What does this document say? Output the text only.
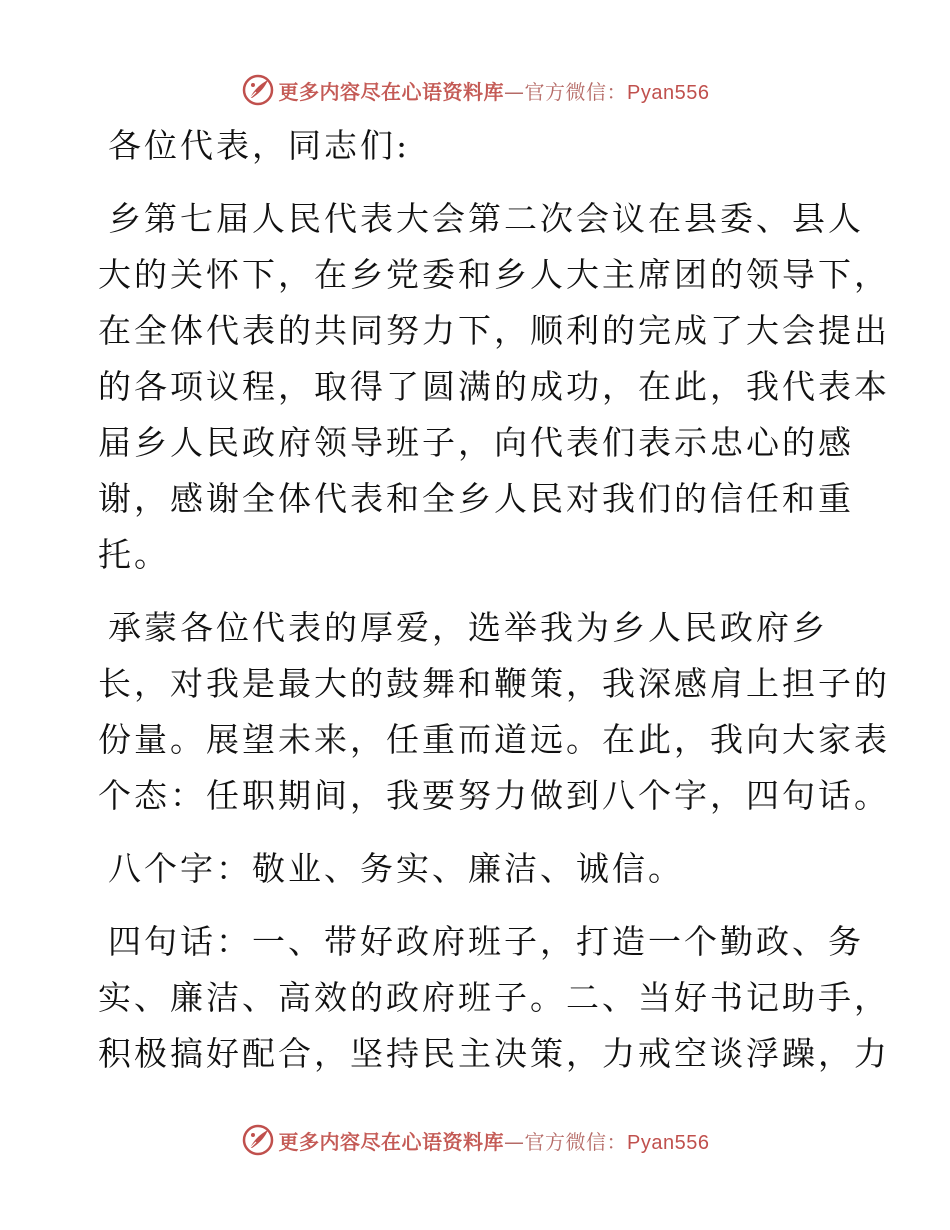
更多内容尽在心语资料库—官方微信：Pyan556
各位代表，同志们:
乡第七届人民代表大会第二次会议在县委、县人
大的关怀下，在乡党委和乡人大主席团的领导下，
在全体代表的共同努力下，顺利的完成了大会提出
的各项议程，取得了圆满的成功，在此，我代表本
届乡人民政府领导班子，向代表们表示忠心的感
谢，感谢全体代表和全乡人民对我们的信任和重
托。
承蒙各位代表的厚爱，选举我为乡人民政府乡
长，对我是最大的鼓舞和鞭策，我深感肩上担子的
份量。展望未来，任重而道远。在此，我向大家表
个态：任职期间，我要努力做到八个字，四句话。
八个字：敬业、务实、廉洁、诚信。
四句话：一、带好政府班子，打造一个勤政、务
实、廉洁、高效的政府班子。二、当好书记助手，
积极搞好配合，坚持民主决策，力戒空谈浮躁，力
更多内容尽在心语资料库—官方微信：Pyan556
